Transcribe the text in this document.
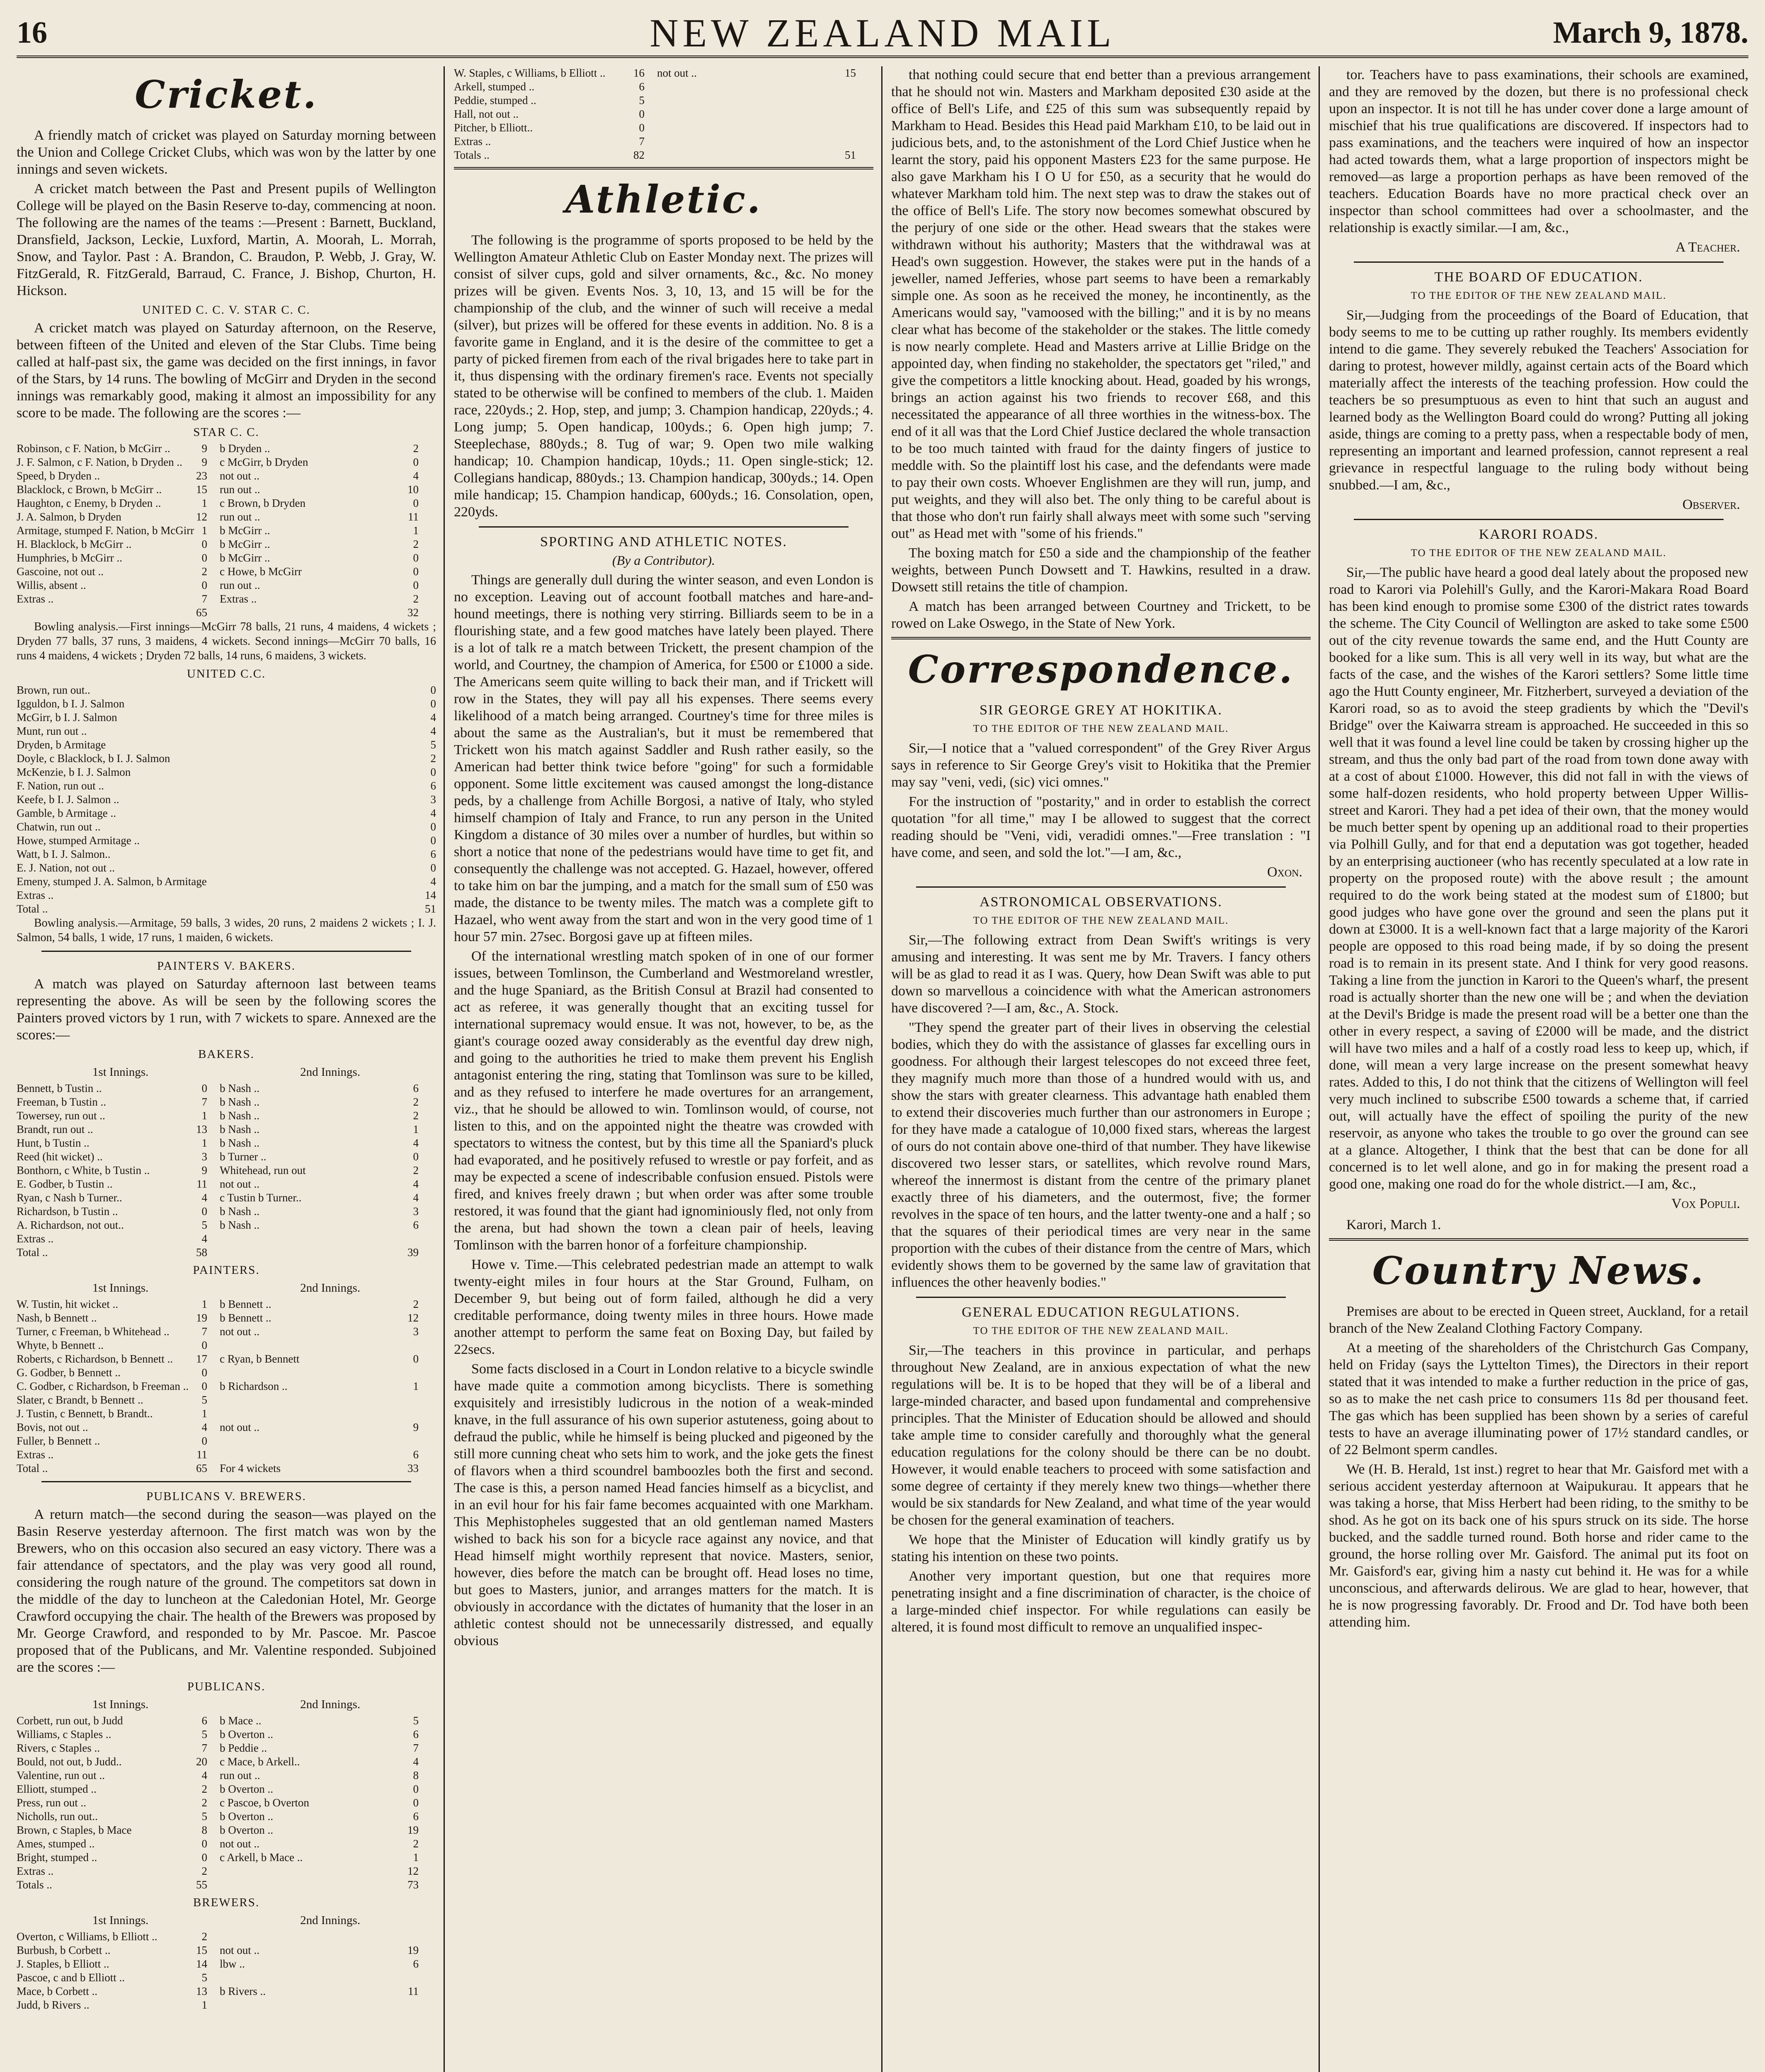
16	NEW ZEALAND MAIL	March 9, 1878.
Cricket.

A friendly match of cricket was played on Saturday morning between the Union and College Cricket Clubs, which was won by the latter by one innings and seven wickets.

A cricket match between the Past and Present pupils of Wellington College will be played on the Basin Reserve to-day, commencing at noon. The following are the names of the teams :—Present : Barnett, Buckland, Dransfield, Jackson, Leckie, Luxford, Martin, A. Moorah, L. Morrah, Snow, and Taylor. Past : A. Brandon, C. Braudon, P. Webb, J. Gray, W. FitzGerald, R. FitzGerald, Barraud, C. France, J. Bishop, Churton, H. Hickson.

UNITED C. C. V. STAR C. C.

A cricket match was played on Saturday afternoon, on the Reserve, between fifteen of the United and eleven of the Star Clubs. Time being called at half-past six, the game was decided on the first innings, in favor of the Stars, by 14 runs. The bowling of McGirr and Dryden in the second innings was remarkably good, making it almost an impossibility for any score to be made. The following are the scores :—

STAR C. C.
Robinson, c F. Nation, b McGirr ..	9	b Dryden ..	2
J. F. Salmon, c F. Nation, b Dryden ..	9	c McGirr, b Dryden	0
Speed, b Dryden ..	23	not out ..	4
Blacklock, c Brown, b McGirr ..	15	run out ..	10
Haughton, c Enemy, b Dryden ..	1	c Brown, b Dryden	0
J. A. Salmon, b Dryden	12	run out ..	11
Armitage, stumped F. Nation, b McGirr 1	b McGirr ..	1
H. Blacklock, b McGirr ..	0	b McGirr ..	2
Humphries, b McGirr ..	0	b McGirr ..	0
Gascoine, not out ..	2	c Howe, b McGirr	0
Willis, absent ..	0	run out ..	0
Extras ..	7	Extras ..	2
65	32

Bowling analysis.—First innings—McGirr 78 balls, 21 runs, 4 maidens, 4 wickets ; Dryden 77 balls, 37 runs, 3 maidens, 4 wickets. Second innings—McGirr 70 balls, 16 runs 4 maidens, 4 wickets ; Dryden 72 balls, 14 runs, 6 maidens, 3 wickets.

UNITED C.C.
Brown, run out..	0
Igguldon, b I. J. Salmon	0
McGirr, b I. J. Salmon	4
Munt, run out ..	4
Dryden, b Armitage	5
Doyle, c Blacklock, b I. J. Salmon	2
McKenzie, b I. J. Salmon	0
F. Nation, run out ..	6
Keefe, b I. J. Salmon ..	3
Gamble, b Armitage ..	4
Chatwin, run out ..	0
Howe, stumped Armitage ..	0
Watt, b I. J. Salmon..	6
E. J. Nation, not out ..	0
Emeny, stumped J. A. Salmon, b Armitage	4
Extras ..	14
Total ..	51

Bowling analysis.—Armitage, 59 balls, 3 wides, 20 runs, 2 maidens 2 wickets ; I. J. Salmon, 54 balls, 1 wide, 17 runs, 1 maiden, 6 wickets.

PAINTERS V. BAKERS.

A match was played on Saturday afternoon last between teams representing the above. As will be seen by the following scores the Painters proved victors by 1 run, with 7 wickets to spare. Annexed are the scores:—

BAKERS.
1st Innings.	2nd Innings.
Bennett, b Tustin ..	0	b Nash ..	6
Freeman, b Tustin ..	7	b Nash ..	2
Towersey, run out ..	1	b Nash ..	2
Brandt, run out ..	13	b Nash ..	1
Hunt, b Tustin ..	1	b Nash ..	4
Reed (hit wicket) ..	3	b Turner ..	0
Bonthorn, c White, b Tustin ..	9	Whitehead, run out	2
E. Godber, b Tustin ..	11	not out ..	4
Ryan, c Nash b Turner..	4	c Tustin b Turner..	4
Richardson, b Tustin ..	0	b Nash ..	3
A. Richardson, not out..	5	b Nash ..	6
Extras ..	4
Total ..	58	39
PAINTERS.
1st Innings.	2nd Innings.
W. Tustin, hit wicket ..	1	b Bennett ..	2
Nash, b Bennett ..	19	b Bennett ..	12
Turner, c Freeman, b Whitehead ..	7	not out ..	3
Whyte, b Bennett ..	0
Roberts, c Richardson, b Bennett ..	17	c Ryan, b Bennett	0
G. Godber, b Bennett ..	0
C. Godber, c Richardson, b Freeman ..	0	b Richardson ..	1
Slater, c Brandt, b Bennett ..	5
J. Tustin, c Bennett, b Brandt..	1
Bovis, not out ..	4	not out ..	9
Fuller, b Bennett ..	0
Extras ..	11	6
Total ..	65	For 4 wickets	33
PUBLICANS V. BREWERS.

A return match—the second during the season—was played on the Basin Reserve yesterday afternoon. The first match was won by the Brewers, who on this occasion also secured an easy victory. There was a fair attendance of spectators, and the play was very good all round, considering the rough nature of the ground. The competitors sat down in the middle of the day to luncheon at the Caledonian Hotel, Mr. George Crawford occupying the chair. The health of the Brewers was proposed by Mr. George Crawford, and responded to by Mr. Pascoe. Mr. Pascoe proposed that of the Publicans, and Mr. Valentine responded. Subjoined are the scores :—

PUBLICANS.
1st Innings.	2nd Innings.
Corbett, run out, b Judd	6	b Mace ..	5
Williams, c Staples ..	5	b Overton ..	6
Rivers, c Staples ..	7	b Peddie ..	7
Bould, not out, b Judd..	20	c Mace, b Arkell..	4
Valentine, run out ..	4	run out ..	8
Elliott, stumped ..	2	b Overton ..	0
Press, run out ..	2	c Pascoe, b Overton	0
Nicholls, run out..	5	b Overton ..	6
Brown, c Staples, b Mace	8	b Overton ..	19
Ames, stumped ..	0	not out ..	2
Bright, stumped ..	0	c Arkell, b Mace ..	1
Extras ..	2	12
Totals ..	55	73
BREWERS.
1st Innings.	2nd Innings.
Overton, c Williams, b Elliott ..	2
Burbush, b Corbett ..	15	not out ..	19
J. Staples, b Elliott ..	14	lbw ..	6
Pascoe, c and b Elliott ..	5
Mace, b Corbett ..	13	b Rivers ..	11
Judd, b Rivers ..	1
W. Staples, c Williams, b Elliott ..	16	not out ..	15
Arkell, stumped ..	6
Peddie, stumped ..	5
Hall, not out ..	0
Pitcher, b Elliott..	0
Extras ..	7
Totals ..	82	51
Athletic.

The following is the programme of sports proposed to be held by the Wellington Amateur Athletic Club on Easter Monday next. The prizes will consist of silver cups, gold and silver ornaments, &c., &c. No money prizes will be given. Events Nos. 3, 10, 13, and 15 will be for the championship of the club, and the winner of such will receive a medal (silver), but prizes will be offered for these events in addition. No. 8 is a favorite game in England, and it is the desire of the committee to get a party of picked firemen from each of the rival brigades here to take part in it, thus dispensing with the ordinary firemen's race. Events not specially stated to be otherwise will be confined to members of the club. 1. Maiden race, 220yds.; 2. Hop, step, and jump; 3. Champion handicap, 220yds.; 4. Long jump; 5. Open handicap, 100yds.; 6. Open high jump; 7. Steeplechase, 880yds.; 8. Tug of war; 9. Open two mile walking handicap; 10. Champion handicap, 10yds.; 11. Open single-stick; 12. Collegians handicap, 880yds.; 13. Champion handicap, 300yds.; 14. Open mile handicap; 15. Champion handicap, 600yds.; 16. Consolation, open, 220yds.

SPORTING AND ATHLETIC NOTES.
(By a Contributor).

Things are generally dull during the winter season, and even London is no exception. Leaving out of account football matches and hare-and-hound meetings, there is nothing very stirring. Billiards seem to be in a flourishing state, and a few good matches have lately been played. There is a lot of talk re a match between Trickett, the present champion of the world, and Courtney, the champion of America, for £500 or £1000 a side. The Americans seem quite willing to back their man, and if Trickett will row in the States, they will pay all his expenses. There seems every likelihood of a match being arranged. Courtney's time for three miles is about the same as the Australian's, but it must be remembered that Trickett won his match against Saddler and Rush rather easily, so the American had better think twice before "going" for such a formidable opponent. Some little excitement was caused amongst the long-distance peds, by a challenge from Achille Borgosi, a native of Italy, who styled himself champion of Italy and France, to run any person in the United Kingdom a distance of 30 miles over a number of hurdles, but within so short a notice that none of the pedestrians would have time to get fit, and consequently the challenge was not accepted. G. Hazael, however, offered to take him on bar the jumping, and a match for the small sum of £50 was made, the distance to be twenty miles. The match was a complete gift to Hazael, who went away from the start and won in the very good time of 1 hour 57 min. 27sec. Borgosi gave up at fifteen miles.

Of the international wrestling match spoken of in one of our former issues, between Tomlinson, the Cumberland and Westmoreland wrestler, and the huge Spaniard, as the British Consul at Brazil had consented to act as referee, it was generally thought that an exciting tussel for international supremacy would ensue. It was not, however, to be, as the giant's courage oozed away considerably as the eventful day drew nigh, and going to the authorities he tried to make them prevent his English antagonist entering the ring, stating that Tomlinson was sure to be killed, and as they refused to interfere he made overtures for an arrangement, viz., that he should be allowed to win. Tomlinson would, of course, not listen to this, and on the appointed night the theatre was crowded with spectators to witness the contest, but by this time all the Spaniard's pluck had evaporated, and he positively refused to wrestle or pay forfeit, and as may be expected a scene of indescribable confusion ensued. Pistols were fired, and knives freely drawn ; but when order was after some trouble restored, it was found that the giant had ignominiously fled, not only from the arena, but had shown the town a clean pair of heels, leaving Tomlinson with the barren honor of a forfeiture championship.

Howe v. Time.—This celebrated pedestrian made an attempt to walk twenty-eight miles in four hours at the Star Ground, Fulham, on December 9, but being out of form failed, although he did a very creditable performance, doing twenty miles in three hours. Howe made another attempt to perform the same feat on Boxing Day, but failed by 22secs.

Some facts disclosed in a Court in London relative to a bicycle swindle have made quite a commotion among bicyclists. There is something exquisitely and irresistibly ludicrous in the notion of a weak-minded knave, in the full assurance of his own superior astuteness, going about to defraud the public, while he himself is being plucked and pigeoned by the still more cunning cheat who sets him to work, and the joke gets the finest of flavors when a third scoundrel bamboozles both the first and second. The case is this, a person named Head fancies himself as a bicyclist, and in an evil hour for his fair fame becomes acquainted with one Markham. This Mephistopheles suggested that an old gentleman named Masters wished to back his son for a bicycle race against any novice, and that Head himself might worthily represent that novice. Masters, senior, however, dies before the match can be brought off. Head loses no time, but goes to Masters, junior, and arranges matters for the match. It is obviously in accordance with the dictates of humanity that the loser in an athletic contest should not be unnecessarily distressed, and equally obvious

that nothing could secure that end better than a previous arrangement that he should not win. Masters and Markham deposited £30 aside at the office of Bell's Life, and £25 of this sum was subsequently repaid by Markham to Head. Besides this Head paid Markham £10, to be laid out in judicious bets, and, to the astonishment of the Lord Chief Justice when he learnt the story, paid his opponent Masters £23 for the same purpose. He also gave Markham his I O U for £50, as a security that he would do whatever Markham told him. The next step was to draw the stakes out of the office of Bell's Life. The story now becomes somewhat obscured by the perjury of one side or the other. Head swears that the stakes were withdrawn without his authority; Masters that the withdrawal was at Head's own suggestion. However, the stakes were put in the hands of a jeweller, named Jefferies, whose part seems to have been a remarkably simple one. As soon as he received the money, he incontinently, as the Americans would say, "vamoosed with the billing;" and it is by no means clear what has become of the stakeholder or the stakes. The little comedy is now nearly complete. Head and Masters arrive at Lillie Bridge on the appointed day, when finding no stakeholder, the spectators get "riled," and give the competitors a little knocking about. Head, goaded by his wrongs, brings an action against his two friends to recover £68, and this necessitated the appearance of all three worthies in the witness-box. The end of it all was that the Lord Chief Justice declared the whole transaction to be too much tainted with fraud for the dainty fingers of justice to meddle with. So the plaintiff lost his case, and the defendants were made to pay their own costs. Whoever Englishmen are they will run, jump, and put weights, and they will also bet. The only thing to be careful about is that those who don't run fairly shall always meet with some such "serving out" as Head met with "some of his friends."

The boxing match for £50 a side and the championship of the feather weights, between Punch Dowsett and T. Hawkins, resulted in a draw. Dowsett still retains the title of champion.

A match has been arranged between Courtney and Trickett, to be rowed on Lake Oswego, in the State of New York.

Correspondence.
SIR GEORGE GREY AT HOKITIKA.
TO THE EDITOR OF THE NEW ZEALAND MAIL.

Sir,—I notice that a "valued correspondent" of the Grey River Argus says in reference to Sir George Grey's visit to Hokitika that the Premier may say "veni, vedi, (sic) vici omnes."

For the instruction of "postarity," and in order to establish the correct quotation "for all time," may I be allowed to suggest that the correct reading should be "Veni, vidi, veradidi omnes."—Free translation : "I have come, and seen, and sold the lot."—I am, &c.,

Oxon.
ASTRONOMICAL OBSERVATIONS.
TO THE EDITOR OF THE NEW ZEALAND MAIL.

Sir,—The following extract from Dean Swift's writings is very amusing and interesting. It was sent me by Mr. Travers. I fancy others will be as glad to read it as I was. Query, how Dean Swift was able to put down so marvellous a coincidence with what the American astronomers have discovered ?—I am, &c., A. Stock.

"They spend the greater part of their lives in observing the celestial bodies, which they do with the assistance of glasses far excelling ours in goodness. For although their largest telescopes do not exceed three feet, they magnify much more than those of a hundred would with us, and show the stars with greater clearness. This advantage hath enabled them to extend their discoveries much further than our astronomers in Europe ; for they have made a catalogue of 10,000 fixed stars, whereas the largest of ours do not contain above one-third of that number. They have likewise discovered two lesser stars, or satellites, which revolve round Mars, whereof the innermost is distant from the centre of the primary planet exactly three of his diameters, and the outermost, five; the former revolves in the space of ten hours, and the latter twenty-one and a half ; so that the squares of their periodical times are very near in the same proportion with the cubes of their distance from the centre of Mars, which evidently shows them to be governed by the same law of gravitation that influences the other heavenly bodies."

GENERAL EDUCATION REGULATIONS.
TO THE EDITOR OF THE NEW ZEALAND MAIL.

Sir,—The teachers in this province in particular, and perhaps throughout New Zealand, are in anxious expectation of what the new regulations will be. It is to be hoped that they will be of a liberal and large-minded character, and based upon fundamental and comprehensive principles. That the Minister of Education should be allowed and should take ample time to consider carefully and thoroughly what the general education regulations for the colony should be there can be no doubt. However, it would enable teachers to proceed with some satisfaction and some degree of certainty if they merely knew two things—whether there would be six standards for New Zealand, and what time of the year would be chosen for the general examination of teachers.

We hope that the Minister of Education will kindly gratify us by stating his intention on these two points.

Another very important question, but one that requires more penetrating insight and a fine discrimination of character, is the choice of a large-minded chief inspector. For while regulations can easily be altered, it is found most difficult to remove an unqualified inspec-

tor. Teachers have to pass examinations, their schools are examined, and they are removed by the dozen, but there is no professional check upon an inspector. It is not till he has under cover done a large amount of mischief that his true qualifications are discovered. If inspectors had to pass examinations, and the teachers were inquired of how an inspector had acted towards them, what a large proportion of inspectors might be removed—as large a proportion perhaps as have been removed of the teachers. Education Boards have no more practical check over an inspector than school committees had over a schoolmaster, and the relationship is exactly similar.—I am, &c.,

A Teacher.
THE BOARD OF EDUCATION.
TO THE EDITOR OF THE NEW ZEALAND MAIL.

Sir,—Judging from the proceedings of the Board of Education, that body seems to me to be cutting up rather roughly. Its members evidently intend to die game. They severely rebuked the Teachers' Association for daring to protest, however mildly, against certain acts of the Board which materially affect the interests of the teaching profession. How could the teachers be so presumptuous as even to hint that such an august and learned body as the Wellington Board could do wrong? Putting all joking aside, things are coming to a pretty pass, when a respectable body of men, representing an important and learned profession, cannot represent a real grievance in respectful language to the ruling body without being snubbed.—I am, &c.,

Observer.
KARORI ROADS.
TO THE EDITOR OF THE NEW ZEALAND MAIL.

Sir,—The public have heard a good deal lately about the proposed new road to Karori via Polehill's Gully, and the Karori-Makara Road Board has been kind enough to promise some £300 of the district rates towards the scheme. The City Council of Wellington are asked to take some £500 out of the city revenue towards the same end, and the Hutt County are booked for a like sum. This is all very well in its way, but what are the facts of the case, and the wishes of the Karori settlers? Some little time ago the Hutt County engineer, Mr. Fitzherbert, surveyed a deviation of the Karori road, so as to avoid the steep gradients by which the "Devil's Bridge" over the Kaiwarra stream is approached. He succeeded in this so well that it was found a level line could be taken by crossing higher up the stream, and thus the only bad part of the road from town done away with at a cost of about £1000. However, this did not fall in with the views of some half-dozen residents, who hold property between Upper Willis-street and Karori. They had a pet idea of their own, that the money would be much better spent by opening up an additional road to their properties via Polhill Gully, and for that end a deputation was got together, headed by an enterprising auctioneer (who has recently speculated at a low rate in property on the proposed route) with the above result ; the amount required to do the work being stated at the modest sum of £1800; but good judges who have gone over the ground and seen the plans put it down at £3000. It is a well-known fact that a large majority of the Karori people are opposed to this road being made, if by so doing the present road is to remain in its present state. And I think for very good reasons. Taking a line from the junction in Karori to the Queen's wharf, the present road is actually shorter than the new one will be ; and when the deviation at the Devil's Bridge is made the present road will be a better one than the other in every respect, a saving of £2000 will be made, and the district will have two miles and a half of a costly road less to keep up, which, if done, will mean a very large increase on the present somewhat heavy rates. Added to this, I do not think that the citizens of Wellington will feel very much inclined to subscribe £500 towards a scheme that, if carried out, will actually have the effect of spoiling the purity of the new reservoir, as anyone who takes the trouble to go over the ground can see at a glance. Altogether, I think that the best that can be done for all concerned is to let well alone, and go in for making the present road a good one, making one road do for the whole district.—I am, &c.,

Vox Populi.
Karori, March 1.
Country News.

Premises are about to be erected in Queen street, Auckland, for a retail branch of the New Zealand Clothing Factory Company.

At a meeting of the shareholders of the Christchurch Gas Company, held on Friday (says the Lyttelton Times), the Directors in their report stated that it was intended to make a further reduction in the price of gas, so as to make the net cash price to consumers 11s 8d per thousand feet. The gas which has been supplied has been shown by a series of careful tests to have an average illuminating power of 17½ standard candles, or of 22 Belmont sperm candles.

We (H. B. Herald, 1st inst.) regret to hear that Mr. Gaisford met with a serious accident yesterday afternoon at Waipukurau. It appears that he was taking a horse, that Miss Herbert had been riding, to the smithy to be shod. As he got on its back one of his spurs struck on its side. The horse bucked, and the saddle turned round. Both horse and rider came to the ground, the horse rolling over Mr. Gaisford. The animal put its foot on Mr. Gaisford's ear, giving him a nasty cut behind it. He was for a while unconscious, and afterwards delirous. We are glad to hear, however, that he is now progressing favorably. Dr. Frood and Dr. Tod have both been attending him.
